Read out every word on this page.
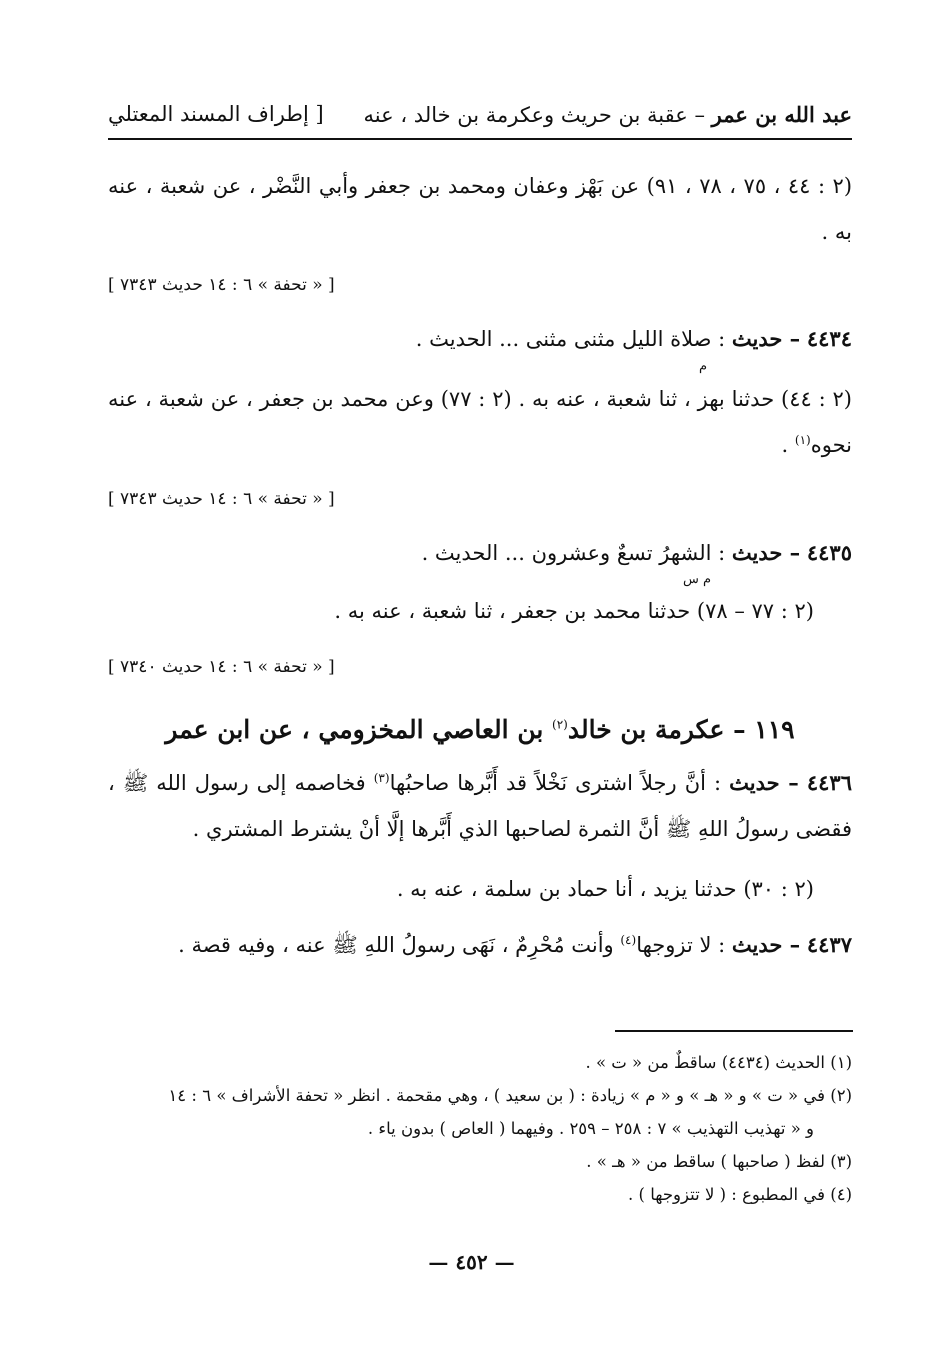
عبد الله بن عمر – عقبة بن حريث وعكرمة بن خالد ، عنه
[ إطراف المسند المعتلي
(٢ : ٤٤ ، ٧٥ ، ٧٨ ، ٩١) عن بَهْز وعفان ومحمد بن جعفر وأبي النَّضْر ، عن شعبة ، عنه به .
[ « تحفة » ٦ : ١٤ حديث ٧٣٤٣ ]
٤٤٣٤ – حديث : صلاة الليل مثنى مثنى ... الحديث .
م
(٢ : ٤٤) حدثنا بهز ، ثنا شعبة ، عنه به . (٢ : ٧٧) وعن محمد بن جعفر ، عن شعبة ، عنه نحوه$^{(١)}$ .
[ « تحفة » ٦ : ١٤ حديث ٧٣٤٣ ]
٤٤٣٥ – حديث : الشهرُ تسعٌ وعشرون ... الحديث .
م س
(٢ : ٧٧ – ٧٨) حدثنا محمد بن جعفر ، ثنا شعبة ، عنه به .
[ « تحفة » ٦ : ١٤ حديث ٧٣٤٠ ]
١١٩ – عكرمة بن خالد$^{(٢)}$ بن العاصي المخزومي ، عن ابن عمر
٤٤٣٦ – حديث : أنَّ رجلاً اشترى نَخْلاً قد أَبَّرها صاحبُها$^{(٣)}$ فخاصمه إلى رسول الله ﷺ ، فقضى رسولُ اللهِ ﷺ أنَّ الثمرة لصاحبها الذي أَبَّرها إلَّا أنْ يشترط المشتري .
(٢ : ٣٠) حدثنا يزيد ، أنا حماد بن سلمة ، عنه به .
٤٤٣٧ – حديث : لا تزوجها$^{(٤)}$ وأنت مُحْرِمٌ ، نَهَى رسولُ اللهِ ﷺ عنه ، وفيه قصة .
(١) الحديث (٤٤٣٤) ساقطٌ من « ت » .
(٢) في « ت » و « هـ » و « م » زيادة : ( بن سعيد ) ، وهي مقحمة . انظر « تحفة الأشراف » ٦ : ١٤
و « تهذيب التهذيب » ٧ : ٢٥٨ – ٢٥٩ . وفيهما ( العاص ) بدون ياء .
(٣) لفظ ( صاحبها ) ساقط من « هـ » .
(٤) في المطبوع : ( لا تتزوجها ) .
— ٤٥٢ —
